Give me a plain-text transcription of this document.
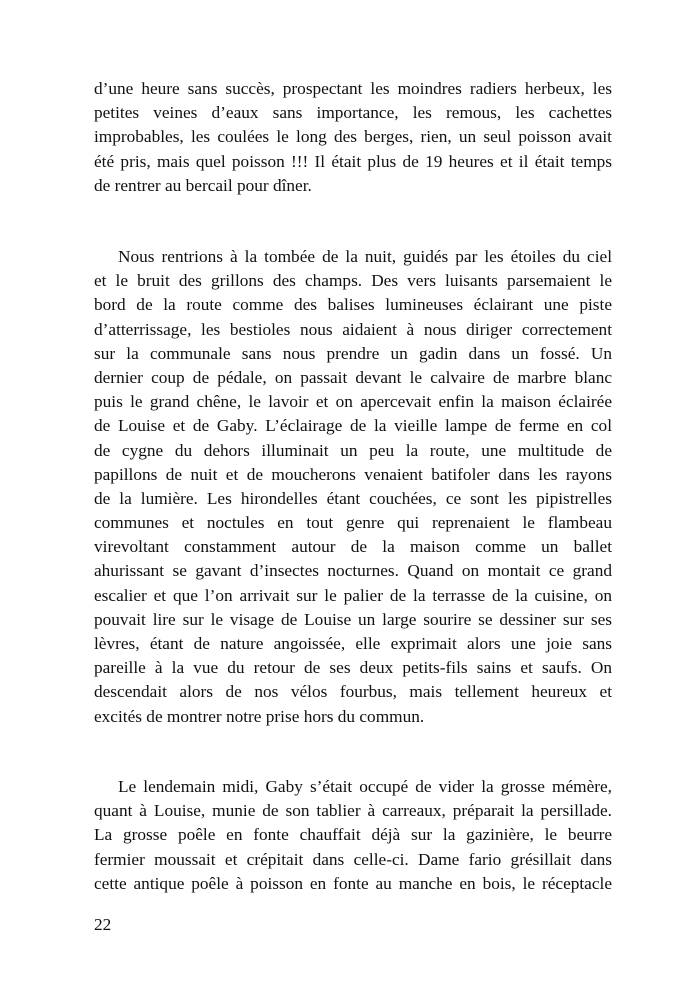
d’une heure sans succès, prospectant les moindres radiers herbeux, les
petites veines d’eaux sans importance, les remous, les cachettes
improbables, les coulées le long des berges, rien, un seul poisson avait
été pris, mais quel poisson !!! Il était plus de 19 heures et il était temps
de rentrer au bercail pour dîner.
Nous rentrions à la tombée de la nuit, guidés par les étoiles du ciel
et le bruit des grillons des champs. Des vers luisants parsemaient le
bord de la route comme des balises lumineuses éclairant une piste
d’atterrissage, les bestioles nous aidaient à nous diriger correctement
sur la communale sans nous prendre un gadin dans un fossé. Un
dernier coup de pédale, on passait devant le calvaire de marbre blanc
puis le grand chêne, le lavoir et on apercevait enfin la maison éclairée
de Louise et de Gaby. L’éclairage de la vieille lampe de ferme en col
de cygne du dehors illuminait un peu la route, une multitude de
papillons de nuit et de moucherons venaient batifoler dans les rayons
de la lumière. Les hirondelles étant couchées, ce sont les pipistrelles
communes et noctules en tout genre qui reprenaient le flambeau
virevoltant constamment autour de la maison comme un ballet
ahurissant se gavant d’insectes nocturnes. Quand on montait ce grand
escalier et que l’on arrivait sur le palier de la terrasse de la cuisine, on
pouvait lire sur le visage de Louise un large sourire se dessiner sur ses
lèvres, étant de nature angoissée, elle exprimait alors une joie sans
pareille à la vue du retour de ses deux petits-fils sains et saufs. On
descendait alors de nos vélos fourbus, mais tellement heureux et
excités de montrer notre prise hors du commun.
Le lendemain midi, Gaby s’était occupé de vider la grosse mémère,
quant à Louise, munie de son tablier à carreaux, préparait la persillade.
La grosse poêle en fonte chauffait déjà sur la gazinière, le beurre
fermier moussait et crépitait dans celle-ci. Dame fario grésillait dans
cette antique poêle à poisson en fonte au manche en bois, le réceptacle
22
